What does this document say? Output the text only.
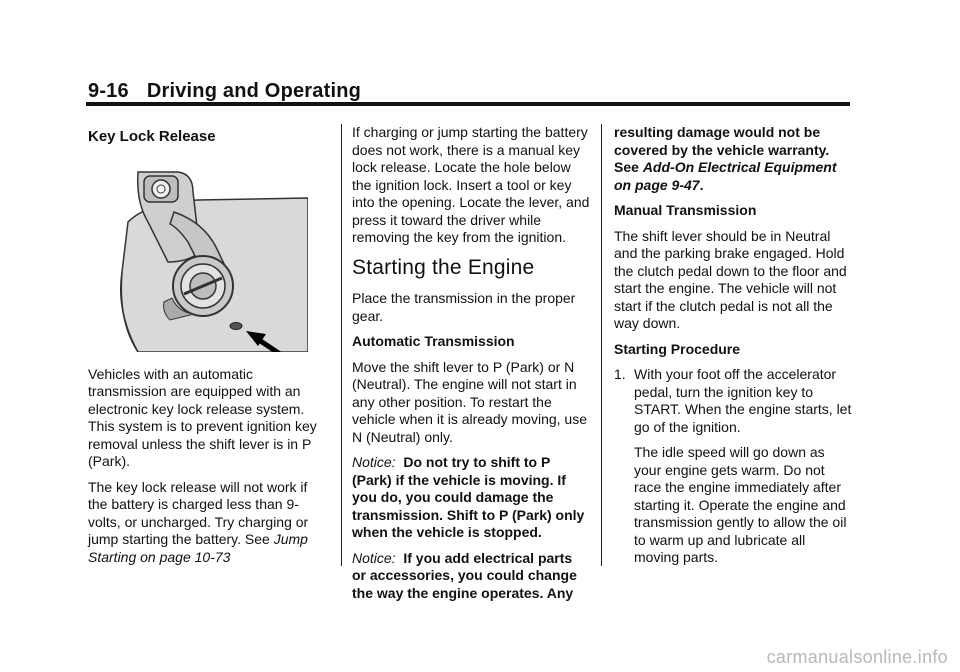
9-16 Driving and Operating
Key Lock Release

Vehicles with an automatic transmission are equipped with an electronic key lock release system. This system is to prevent ignition key removal unless the shift lever is in P (Park).

The key lock release will not work if the battery is charged less than 9-volts, or uncharged. Try charging or jump starting the battery. See Jump Starting on page 10-73

If charging or jump starting the battery does not work, there is a manual key lock release. Locate the hole below the ignition lock. Insert a tool or key into the opening. Locate the lever, and press it toward the driver while removing the key from the ignition.

Starting the Engine

Place the transmission in the proper gear.

Automatic Transmission

Move the shift lever to P (Park) or N (Neutral). The engine will not start in any other position. To restart the vehicle when it is already moving, use N (Neutral) only.

Notice: Do not try to shift to P (Park) if the vehicle is moving. If you do, you could damage the transmission. Shift to P (Park) only when the vehicle is stopped.

Notice: If you add electrical parts or accessories, you could change the way the engine operates. Any

resulting damage would not be covered by the vehicle warranty. See Add-On Electrical Equipment on page 9-47.

Manual Transmission

The shift lever should be in Neutral and the parking brake engaged. Hold the clutch pedal down to the floor and start the engine. The vehicle will not start if the clutch pedal is not all the way down.

Starting Procedure
1. With your foot off the accelerator pedal, turn the ignition key to START. When the engine starts, let go of the ignition.

The idle speed will go down as your engine gets warm. Do not race the engine immediately after starting it. Operate the engine and transmission gently to allow the oil to warm up and lubricate all moving parts.

carmanualsonline.info
